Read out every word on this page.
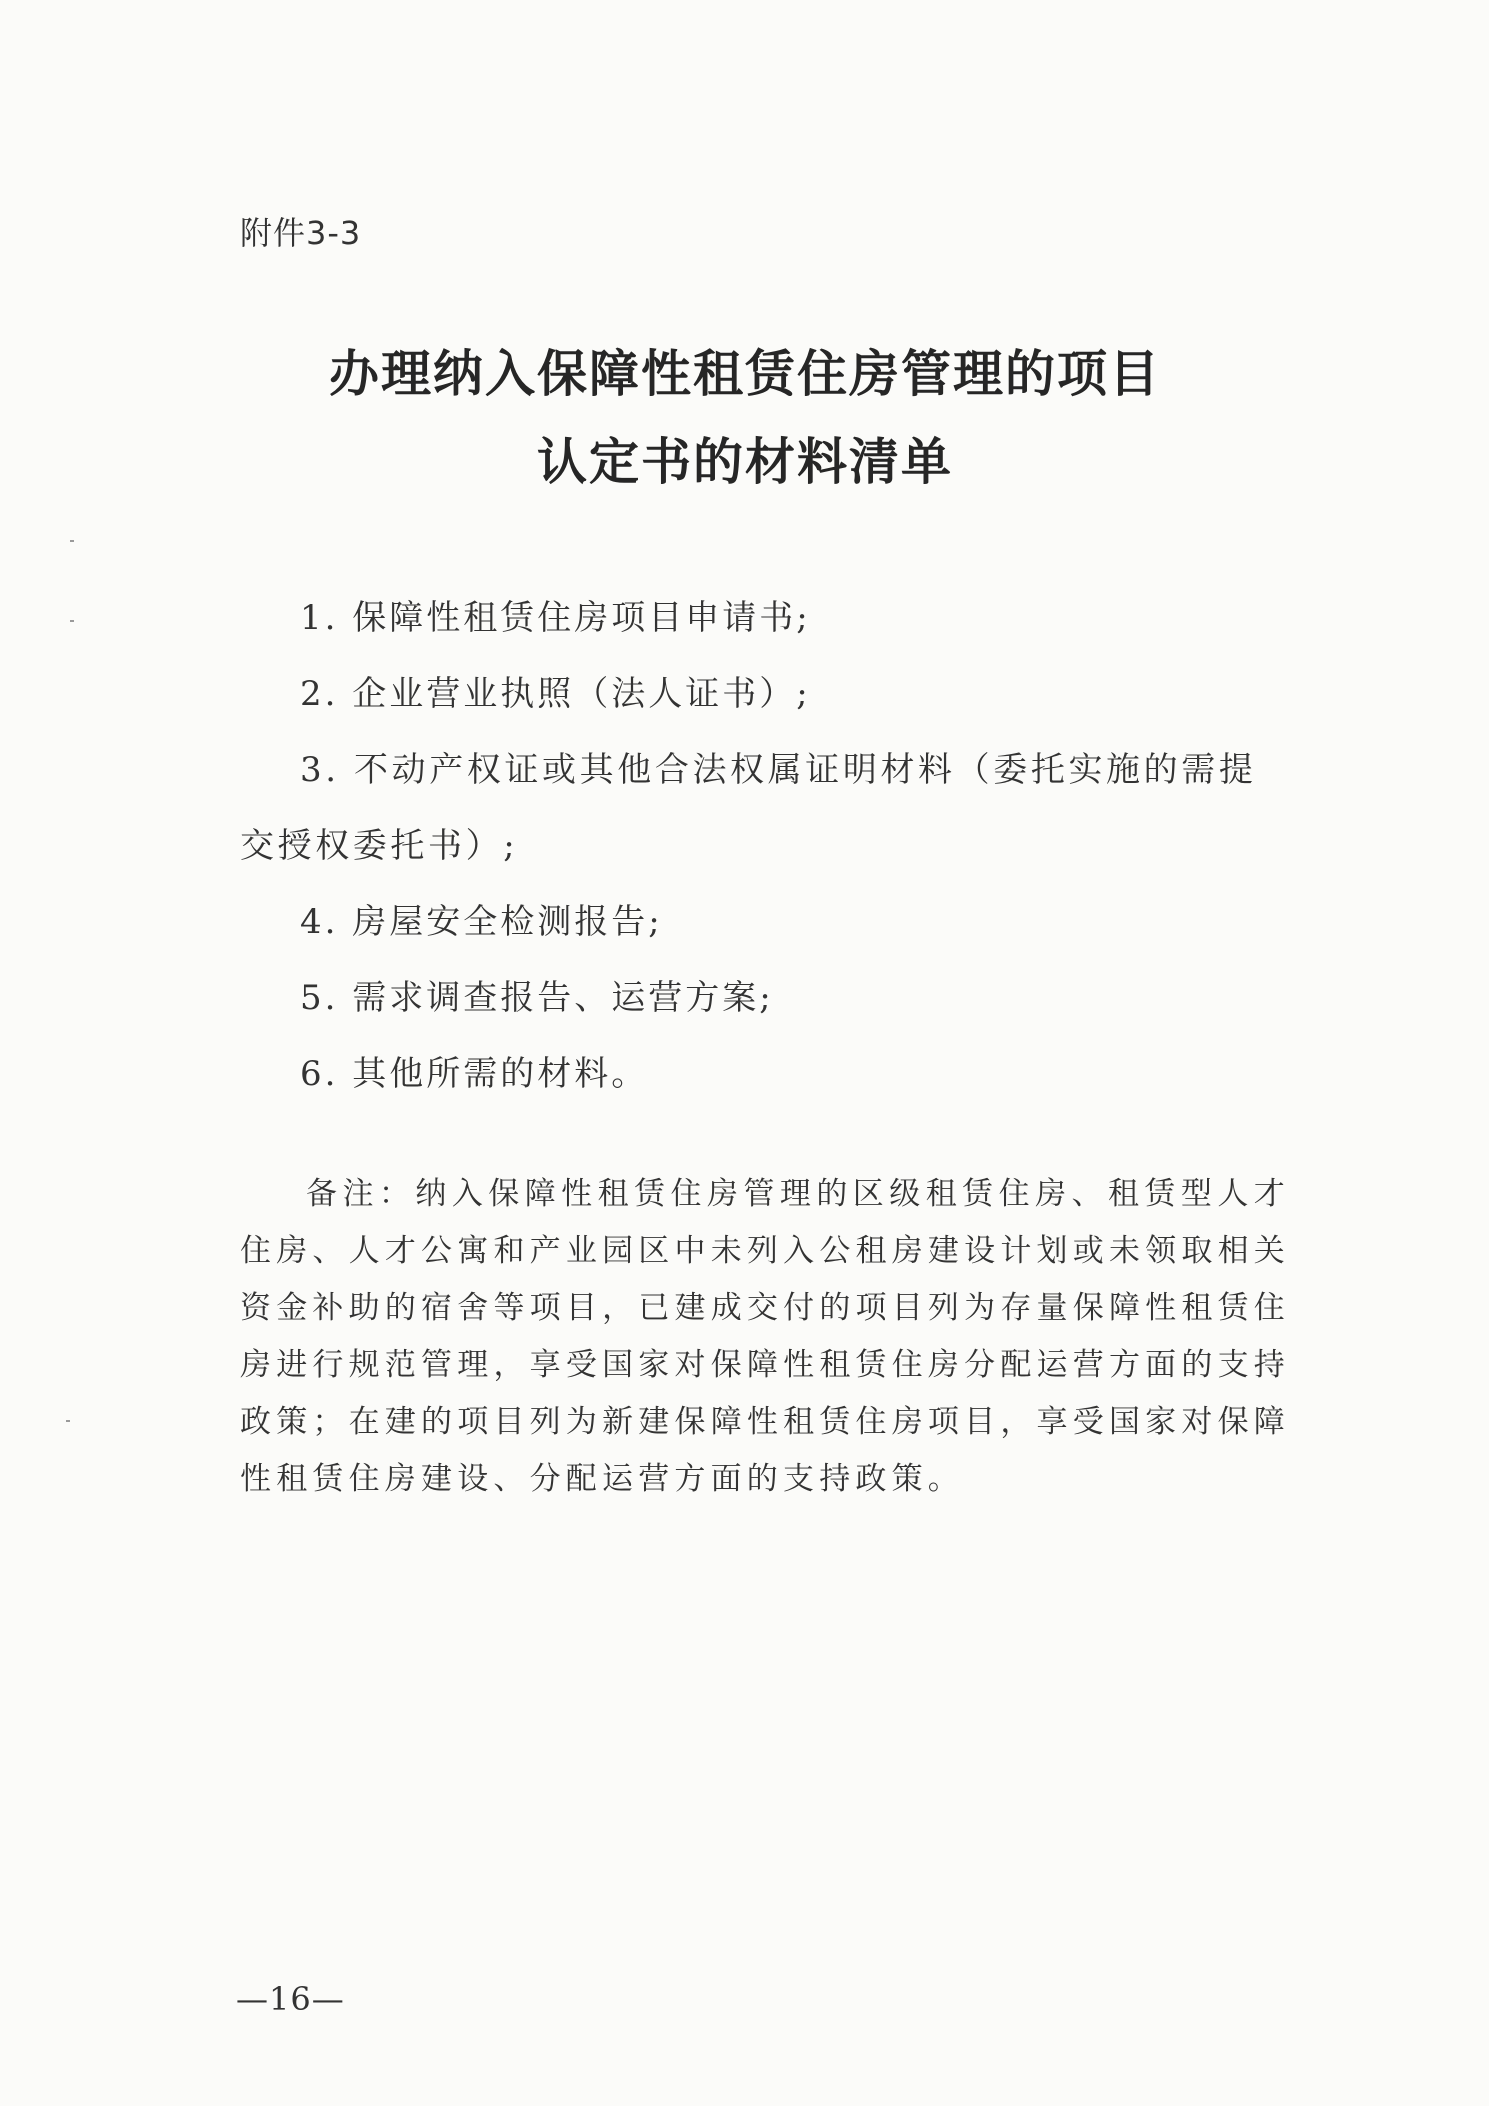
附件3-3
办理纳入保障性租赁住房管理的项目
认定书的材料清单
1. 保障性租赁住房项目申请书;
2. 企业营业执照（法人证书）;
3. 不动产权证或其他合法权属证明材料（委托实施的需提交授权委托书）;
4. 房屋安全检测报告;
5. 需求调查报告、运营方案;
6. 其他所需的材料。
备注：纳入保障性租赁住房管理的区级租赁住房、租赁型人才住房、人才公寓和产业园区中未列入公租房建设计划或未领取相关资金补助的宿舍等项目，已建成交付的项目列为存量保障性租赁住房进行规范管理，享受国家对保障性租赁住房分配运营方面的支持政策；在建的项目列为新建保障性租赁住房项目，享受国家对保障性租赁住房建设、分配运营方面的支持政策。
—16—
